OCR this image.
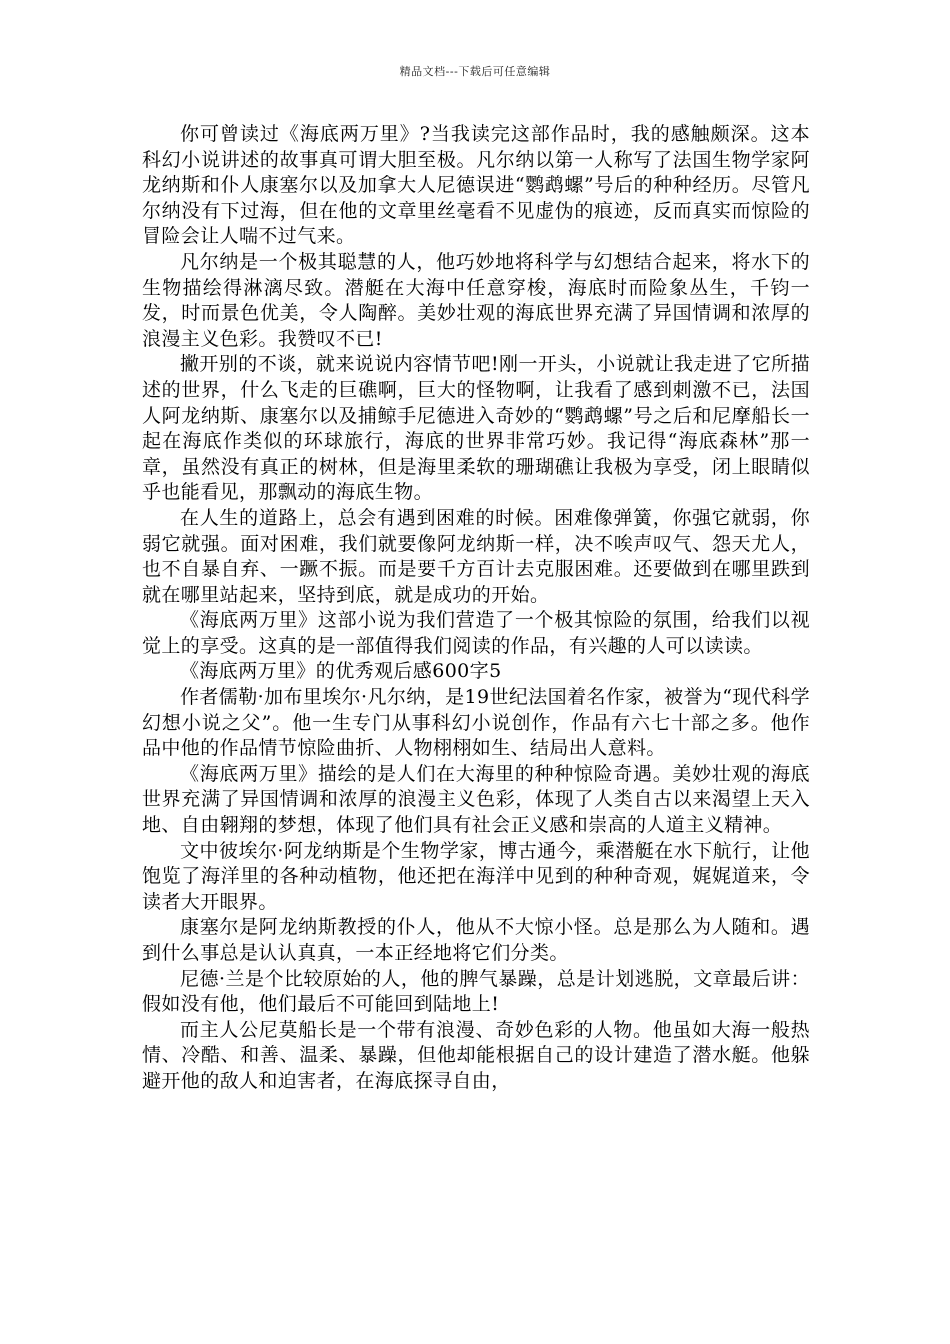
精品文档---下载后可任意编辑

你可曾读过《海底两万里》?当我读完这部作品时，我的感触颇深。这本科幻小说讲述的故事真可谓大胆至极。凡尔纳以第一人称写了法国生物学家阿龙纳斯和仆人康塞尔以及加拿大人尼德误进“鹦鹉螺”号后的种种经历。尽管凡尔纳没有下过海，但在他的文章里丝毫看不见虚伪的痕迹，反而真实而惊险的冒险会让人喘不过气来。

凡尔纳是一个极其聪慧的人，他巧妙地将科学与幻想结合起来，将水下的生物描绘得淋漓尽致。潜艇在大海中任意穿梭，海底时而险象丛生，千钧一发，时而景色优美，令人陶醉。美妙壮观的海底世界充满了异国情调和浓厚的浪漫主义色彩。我赞叹不已!

撇开别的不谈，就来说说内容情节吧!刚一开头，小说就让我走进了它所描述的世界，什么飞走的巨礁啊，巨大的怪物啊，让我看了感到刺激不已，法国人阿龙纳斯、康塞尔以及捕鲸手尼德进入奇妙的“鹦鹉螺”号之后和尼摩船长一起在海底作类似的环球旅行，海底的世界非常巧妙。我记得“海底森林”那一章，虽然没有真正的树林，但是海里柔软的珊瑚礁让我极为享受，闭上眼睛似乎也能看见，那飘动的海底生物。

在人生的道路上，总会有遇到困难的时候。困难像弹簧，你强它就弱，你弱它就强。面对困难，我们就要像阿龙纳斯一样，决不唉声叹气、怨天尤人，也不自暴自弃、一蹶不振。而是要千方百计去克服困难。还要做到在哪里跌到就在哪里站起来，坚持到底，就是成功的开始。

《海底两万里》这部小说为我们营造了一个极其惊险的氛围，给我们以视觉上的享受。这真的是一部值得我们阅读的作品，有兴趣的人可以读读。

《海底两万里》的优秀观后感600字5

作者儒勒·加布里埃尔·凡尔纳，是19世纪法国着名作家，被誉为“现代科学幻想小说之父”。他一生专门从事科幻小说创作，作品有六七十部之多。他作品中他的作品情节惊险曲折、人物栩栩如生、结局出人意料。

《海底两万里》描绘的是人们在大海里的种种惊险奇遇。美妙壮观的海底世界充满了异国情调和浓厚的浪漫主义色彩，体现了人类自古以来渴望上天入地、自由翱翔的梦想，体现了他们具有社会正义感和崇高的人道主义精神。

文中彼埃尔·阿龙纳斯是个生物学家，博古通今，乘潜艇在水下航行，让他饱览了海洋里的各种动植物，他还把在海洋中见到的种种奇观，娓娓道来，令读者大开眼界。

康塞尔是阿龙纳斯教授的仆人，他从不大惊小怪。总是那么为人随和。遇到什么事总是认认真真，一本正经地将它们分类。

尼德·兰是个比较原始的人，他的脾气暴躁，总是计划逃脱，文章最后讲：假如没有他，他们最后不可能回到陆地上!

而主人公尼莫船长是一个带有浪漫、奇妙色彩的人物。他虽如大海一般热情、冷酷、和善、温柔、暴躁，但他却能根据自己的设计建造了潜水艇。他躲避开他的敌人和迫害者，在海底探寻自由，
